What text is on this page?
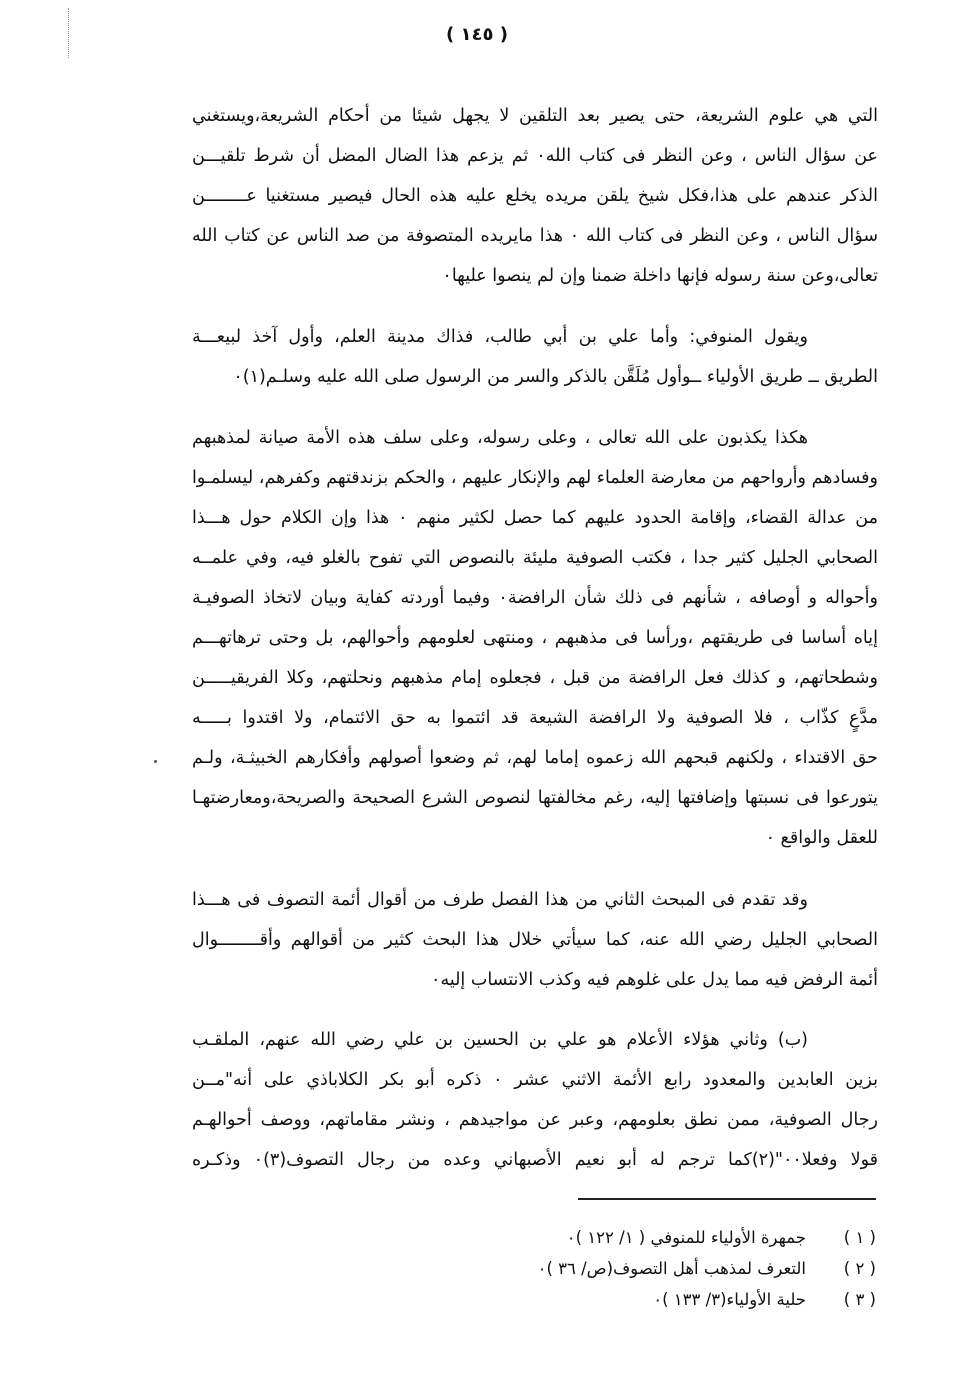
( ١٤٥ )
التي هي علوم الشريعة، حتى يصير بعد التلقين لا يجهل شيئا من أحكام الشريعة،ويستغني
عن سؤال الناس ، وعن النظر فى كتاب الله٠ ثم يزعم هذا الضال المضل أن شرط تلقيـــن
الذكر عندهم على هذا،فكل شيخ يلقن مريده يخلع عليه هذه الحال فيصير مستغنيا عــــــــن
سؤال الناس ، وعن النظر فى كتاب الله ٠ هذا مايريده المتصوفة من صد الناس عن كتاب الله
تعالى،وعن سنة رسوله فإنها داخلة ضمنا وإن لم ينصوا عليها٠
ويقول المنوفي: وأما علي بن أبي طالب، فذاك مدينة العلم، وأول آخذ لبيعـــة
الطريق ــ طريق الأولياء ــوأول مُلَقَّن بالذكر والسر من الرسول صلى الله عليه وسلـم(١)٠
هكذا يكذبون على الله تعالى ، وعلى رسوله، وعلى سلف هذه الأمة صيانة لمذهبهم
وفسادهم وأرواحهم من معارضة العلماء لهم والإنكار عليهم ، والحكم بزندقتهم وكفرهم، ليسلمـوا
من عدالة القضاء، وإقامة الحدود عليهم كما حصل لكثير منهم ٠ هذا وإن الكلام حول هـــذا
الصحابي الجليل كثير جدا ، فكتب الصوفية مليئة بالنصوص التي تفوح بالغلو فيه، وفي علمــه
وأحواله و أوصافه ، شأنهم فى ذلك شأن الرافضة٠ وفيما أوردته كفاية وبيان لاتخاذ الصوفيـة
إياه أساسا فى طريقتهم ،ورأسا فى مذهبهم ، ومنتهى لعلومهم وأحوالهم، بل وحتى ترهاتهـــم
وشطحاتهم، و كذلك فعل الرافضة من قبل ، فجعلوه إمام مذهبهم ونحلتهم، وكلا الفريقيـــــن
مدَّعٍ كذّاب ، فلا الصوفية ولا الرافضة الشيعة قد ائتموا به حق الائتمام، ولا اقتدوا بـــــه
حق الاقتداء ، ولكنهم قبحهم الله زعموه إماما لهم، ثم وضعوا أصولهم وأفكارهم الخبيثـة، ولـم
يتورعوا فى نسبتها وإضافتها إليه، رغم مخالفتها لنصوص الشرع الصحيحة والصريحة،ومعارضتهـا
للعقل والواقع ٠
وقد تقدم فى المبحث الثاني من هذا الفصل طرف من أقوال أئمة التصوف فى هـــذا
الصحابي الجليل رضي الله عنه، كما سيأتي خلال هذا البحث كثير من أقوالهم وأقــــــــوال
أئمة الرفض فيه مما يدل على غلوهم فيه وكذب الانتساب إليه٠
(ب) وثاني هؤلاء الأعلام هو علي بن الحسين بن علي رضي الله عنهم، الملقـب
بزين العابدين والمعدود رابع الأئمة الاثني عشر ٠ ذكره أبو بكر الكلاباذي على أنه"مــن
رجال الصوفية، ممن نطق بعلومهم، وعبر عن مواجيدهم ، ونشر مقاماتهم، ووصف أحوالهـم
قولا وفعلا٠٠"(٢)كما ترجم له أبو نعيم الأصبهاني وعده من رجال التصوف(٣)٠ وذكـره
( ١ )
جمهرة الأولياء للمنوفي ( ١/ ١٢٢ )٠
( ٢ )
التعرف لمذهب أهل التصوف(ص/ ٣٦ )٠
( ٣ )
حلية الأولياء(٣/ ١٣٣ )٠
